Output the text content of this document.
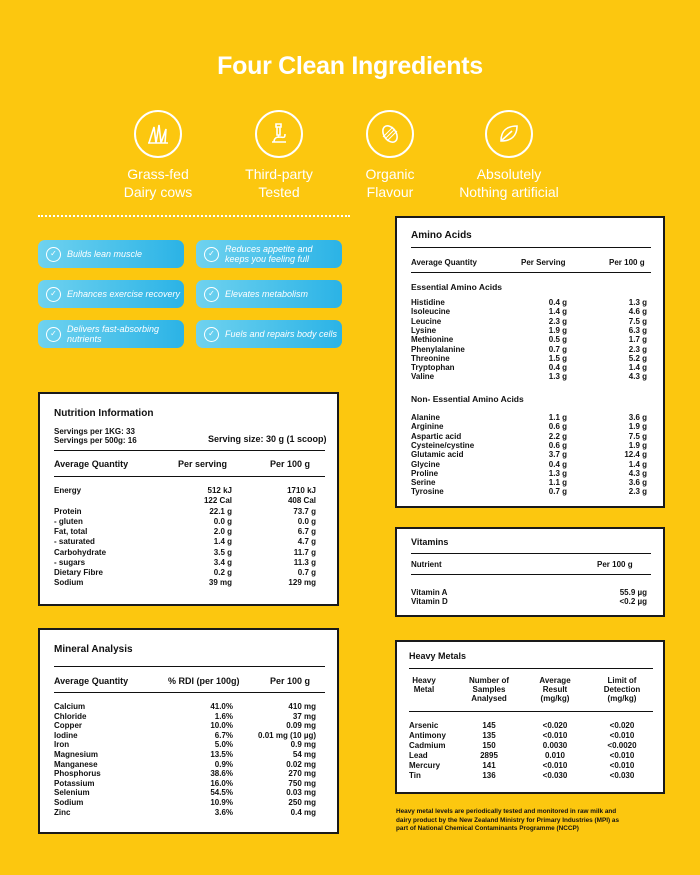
Four Clean Ingredients
Grass-fed
Dairy cows
Third-party
Tested
Organic
Flavour
Absolutely
Nothing artificial
✓	Builds lean muscle	✓	Reduces appetite and
keeps you feeling full
✓	Enhances exercise recovery	✓	Elevates metabolism
✓	Delivers fast-absorbing
nutrients
✓	Fuels and repairs body cells
Nutrition Information
Servings per 1KG: 33
Servings per 500g: 16	Serving size: 30 g (1 scoop)
Average Quantity	Per serving	Per 100 g
Energy	512 kJ	1710 kJ
122 Cal	408 Cal
Protein	22.1 g	73.7 g
- gluten	0.0 g	0.0 g
Fat, total	2.0 g	6.7 g
- saturated	1.4 g	4.7 g
Carbohydrate	3.5 g	11.7 g
- sugars	3.4 g	11.3 g
Dietary Fibre	0.2 g	0.7 g
Sodium	39 mg	129 mg
Mineral Analysis
Average Quantity	% RDI (per 100g)	Per 100 g
Calcium	41.0%	410 mg
Chloride	1.6%	37 mg
Copper	10.0%	0.09 mg
Iodine	6.7%	0.01 mg (10 µg)
Iron	5.0%	0.9 mg
Magnesium	13.5%	54 mg
Manganese	0.9%	0.02 mg
Phosphorus	38.6%	270 mg
Potassium	16.0%	750 mg
Selenium	54.5%	0.03 mg
Sodium	10.9%	250 mg
Zinc	3.6%	0.4 mg
Amino Acids
Average Quantity	Per Serving	Per 100 g
Essential Amino Acids
Non- Essential Amino Acids
Histidine	0.4 g	1.3 g
Isoleucine	1.4 g	4.6 g
Leucine	2.3 g	7.5 g
Lysine	1.9 g	6.3 g
Methionine	0.5 g	1.7 g
Phenylalanine	0.7 g	2.3 g
Threonine	1.5 g	5.2 g
Tryptophan	0.4 g	1.4 g
Valine	1.3 g	4.3 g
Alanine	1.1 g	3.6 g
Arginine	0.6 g	1.9 g
Aspartic acid	2.2 g	7.5 g
Cysteine/cystine	0.6 g	1.9 g
Glutamic acid	3.7 g	12.4 g
Glycine	0.4 g	1.4 g
Proline	1.3 g	4.3 g
Serine	1.1 g	3.6 g
Tyrosine	0.7 g	2.3 g
Vitamins
Nutrient	Per 100 g
Vitamin A	55.9 µg
Vitamin D	<0.2 µg
Heavy Metals
Heavy
Metal
Number of
Samples
Analysed
Average
Result
(mg/kg)
Limit of
Detection
(mg/kg)
Arsenic	145	<0.020	<0.020
Antimony	135	<0.010	<0.010
Cadmium	150	0.0030	<0.0020
Lead	2895	0.010	<0.010
Mercury	141	<0.010	<0.010
Tin	136	<0.030	<0.030
Heavy metal levels are periodically tested and monitored in raw milk and
dairy product by the New Zealand Ministry for Primary Industries (MPI) as
part of National Chemical Contaminants Programme (NCCP)
